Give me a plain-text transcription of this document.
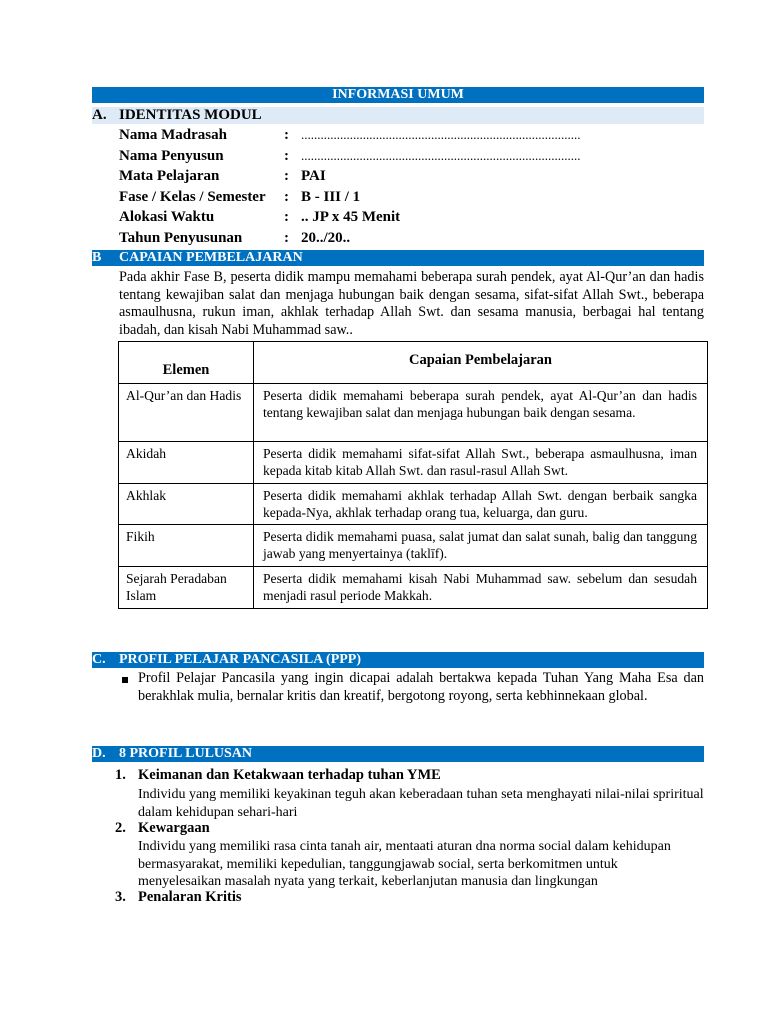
INFORMASI UMUM
A. IDENTITAS MODUL
Nama Madrasah	: ......................................................................................
Nama Penyusun	: ......................................................................................
Mata Pelajaran	: PAI
Fase / Kelas / Semester : B - III / 1
Alokasi Waktu	: .. JP x 45 Menit
Tahun Penyusunan	: 20../20..
B CAPAIAN PEMBELAJARAN
Pada akhir Fase B, peserta didik mampu memahami beberapa surah pendek, ayat Al-Qur’an dan hadis tentang kewajiban salat dan menjaga hubungan baik dengan sesama, sifat-sifat Allah Swt., beberapa asmaulhusna, rukun iman, akhlak terhadap Allah Swt. dan sesama manusia, berbagai hal tentang ibadah, dan kisah Nabi Muhammad saw..
Elemen	Capaian Pembelajaran
Al-Qur’an dan Hadis	Peserta didik memahami beberapa surah pendek, ayat Al-Qur’an dan hadis tentang kewajiban salat dan menjaga hubungan baik dengan sesama.
Akidah	Peserta didik memahami sifat-sifat Allah Swt., beberapa asmaulhusna, iman kepada kitab kitab Allah Swt. dan rasul-rasul Allah Swt.
Akhlak	Peserta didik memahami akhlak terhadap Allah Swt. dengan berbaik sangka kepada-Nya, akhlak terhadap orang tua, keluarga, dan guru.
Fikih	Peserta didik memahami puasa, salat jumat dan salat sunah, balig dan tanggung jawab yang menyertainya (taklīf).
Sejarah Peradaban Islam	Peserta didik memahami kisah Nabi Muhammad saw. sebelum dan sesudah menjadi rasul periode Makkah.
C. PROFIL PELAJAR PANCASILA (PPP)
Profil Pelajar Pancasila yang ingin dicapai adalah bertakwa kepada Tuhan Yang Maha Esa dan berakhlak mulia, bernalar kritis dan kreatif, bergotong royong, serta kebhinnekaan global.
D. 8 PROFIL LULUSAN
1. Keimanan dan Ketakwaan terhadap tuhan YME
Individu yang memiliki keyakinan teguh akan keberadaan tuhan seta menghayati nilai-nilai spriritual dalam kehidupan sehari-hari
2. Kewargaan
Individu yang memiliki rasa cinta tanah air, mentaati aturan dna norma social dalam kehidupan bermasyarakat, memiliki kepedulian, tanggungjawab social, serta berkomitmen untuk menyelesaikan masalah nyata yang terkait, keberlanjutan manusia dan lingkungan
3. Penalaran Kritis
